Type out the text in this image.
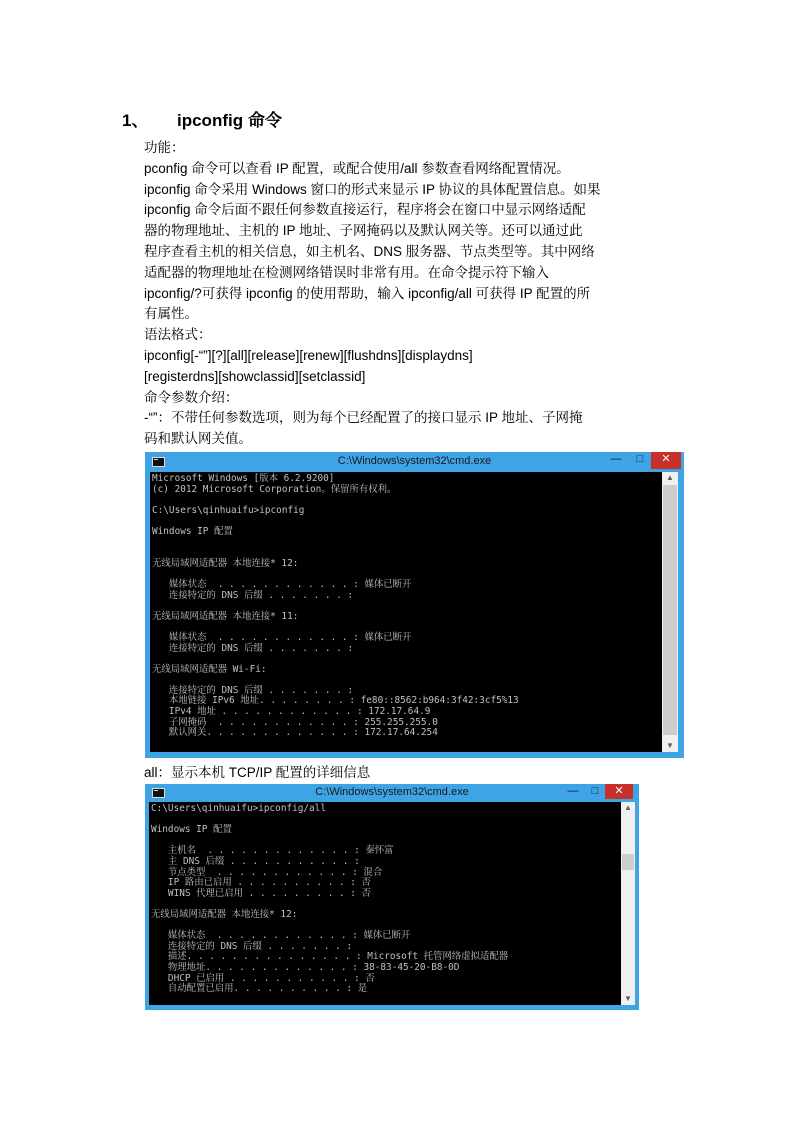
1、 ipconfig 命令

功能：

pconfig 命令可以查看 IP 配置，或配合使用/all 参数查看网络配置情况。

ipconfig 命令采用 Windows 窗口的形式来显示 IP 协议的具体配置信息。如果

ipconfig 命令后面不跟任何参数直接运行，程序将会在窗口中显示网络适配

器的物理地址、主机的 IP 地址、子网掩码以及默认网关等。还可以通过此

程序查看主机的相关信息，如主机名、DNS 服务器、节点类型等。其中网络

适配器的物理地址在检测网络错误时非常有用。在命令提示符下输入

ipconfig/?可获得 ipconfig 的使用帮助，输入 ipconfig/all 可获得 IP 配置的所

有属性。

语法格式：

ipconfig[-“”][?][all][release][renew][flushdns][displaydns]

[registerdns][showclassid][setclassid]

命令参数介绍：

-“”：不带任何参数选项，则为每个已经配置了的接口显示 IP 地址、子网掩

码和默认网关值。

C:\Windows\system32\cmd.exe	—	□	✕
Microsoft Windows [版本 6.2.9200]
(c) 2012 Microsoft Corporation。保留所有权利。
C:\Users\qinhuaifu>ipconfig
Windows IP 配置
无线局域网适配器 本地连接* 12:
媒体状态  . . . . . . . . . . . . : 媒体已断开
连接特定的 DNS 后缀 . . . . . . . :
无线局域网适配器 本地连接* 11:
媒体状态  . . . . . . . . . . . . : 媒体已断开
连接特定的 DNS 后缀 . . . . . . . :
无线局域网适配器 Wi-Fi:
连接特定的 DNS 后缀 . . . . . . . :
本地链接 IPv6 地址. . . . . . . . : fe80::8562:b964:3f42:3cf5%13
IPv4 地址 . . . . . . . . . . . . : 172.17.64.9
子网掩码  . . . . . . . . . . . . : 255.255.255.0
默认网关. . . . . . . . . . . . . : 172.17.64.254
▲
▼
all：显示本机 TCP/IP 配置的详细信息
C:\Windows\system32\cmd.exe	—	□	✕
C:\Users\qinhuaifu>ipconfig/all
Windows IP 配置
主机名  . . . . . . . . . . . . . : 秦怀富
主 DNS 后缀 . . . . . . . . . . . :
节点类型  . . . . . . . . . . . . : 混合
IP 路由已启用 . . . . . . . . . . : 否
WINS 代理已启用 . . . . . . . . . : 否
无线局域网适配器 本地连接* 12:
媒体状态  . . . . . . . . . . . . : 媒体已断开
连接特定的 DNS 后缀 . . . . . . . :
描述. . . . . . . . . . . . . . . : Microsoft 托管网络虚拟适配器
物理地址. . . . . . . . . . . . . : 38-83-45-20-B8-0D
DHCP 已启用 . . . . . . . . . . . : 否
自动配置已启用. . . . . . . . . . : 是
▲
▼
